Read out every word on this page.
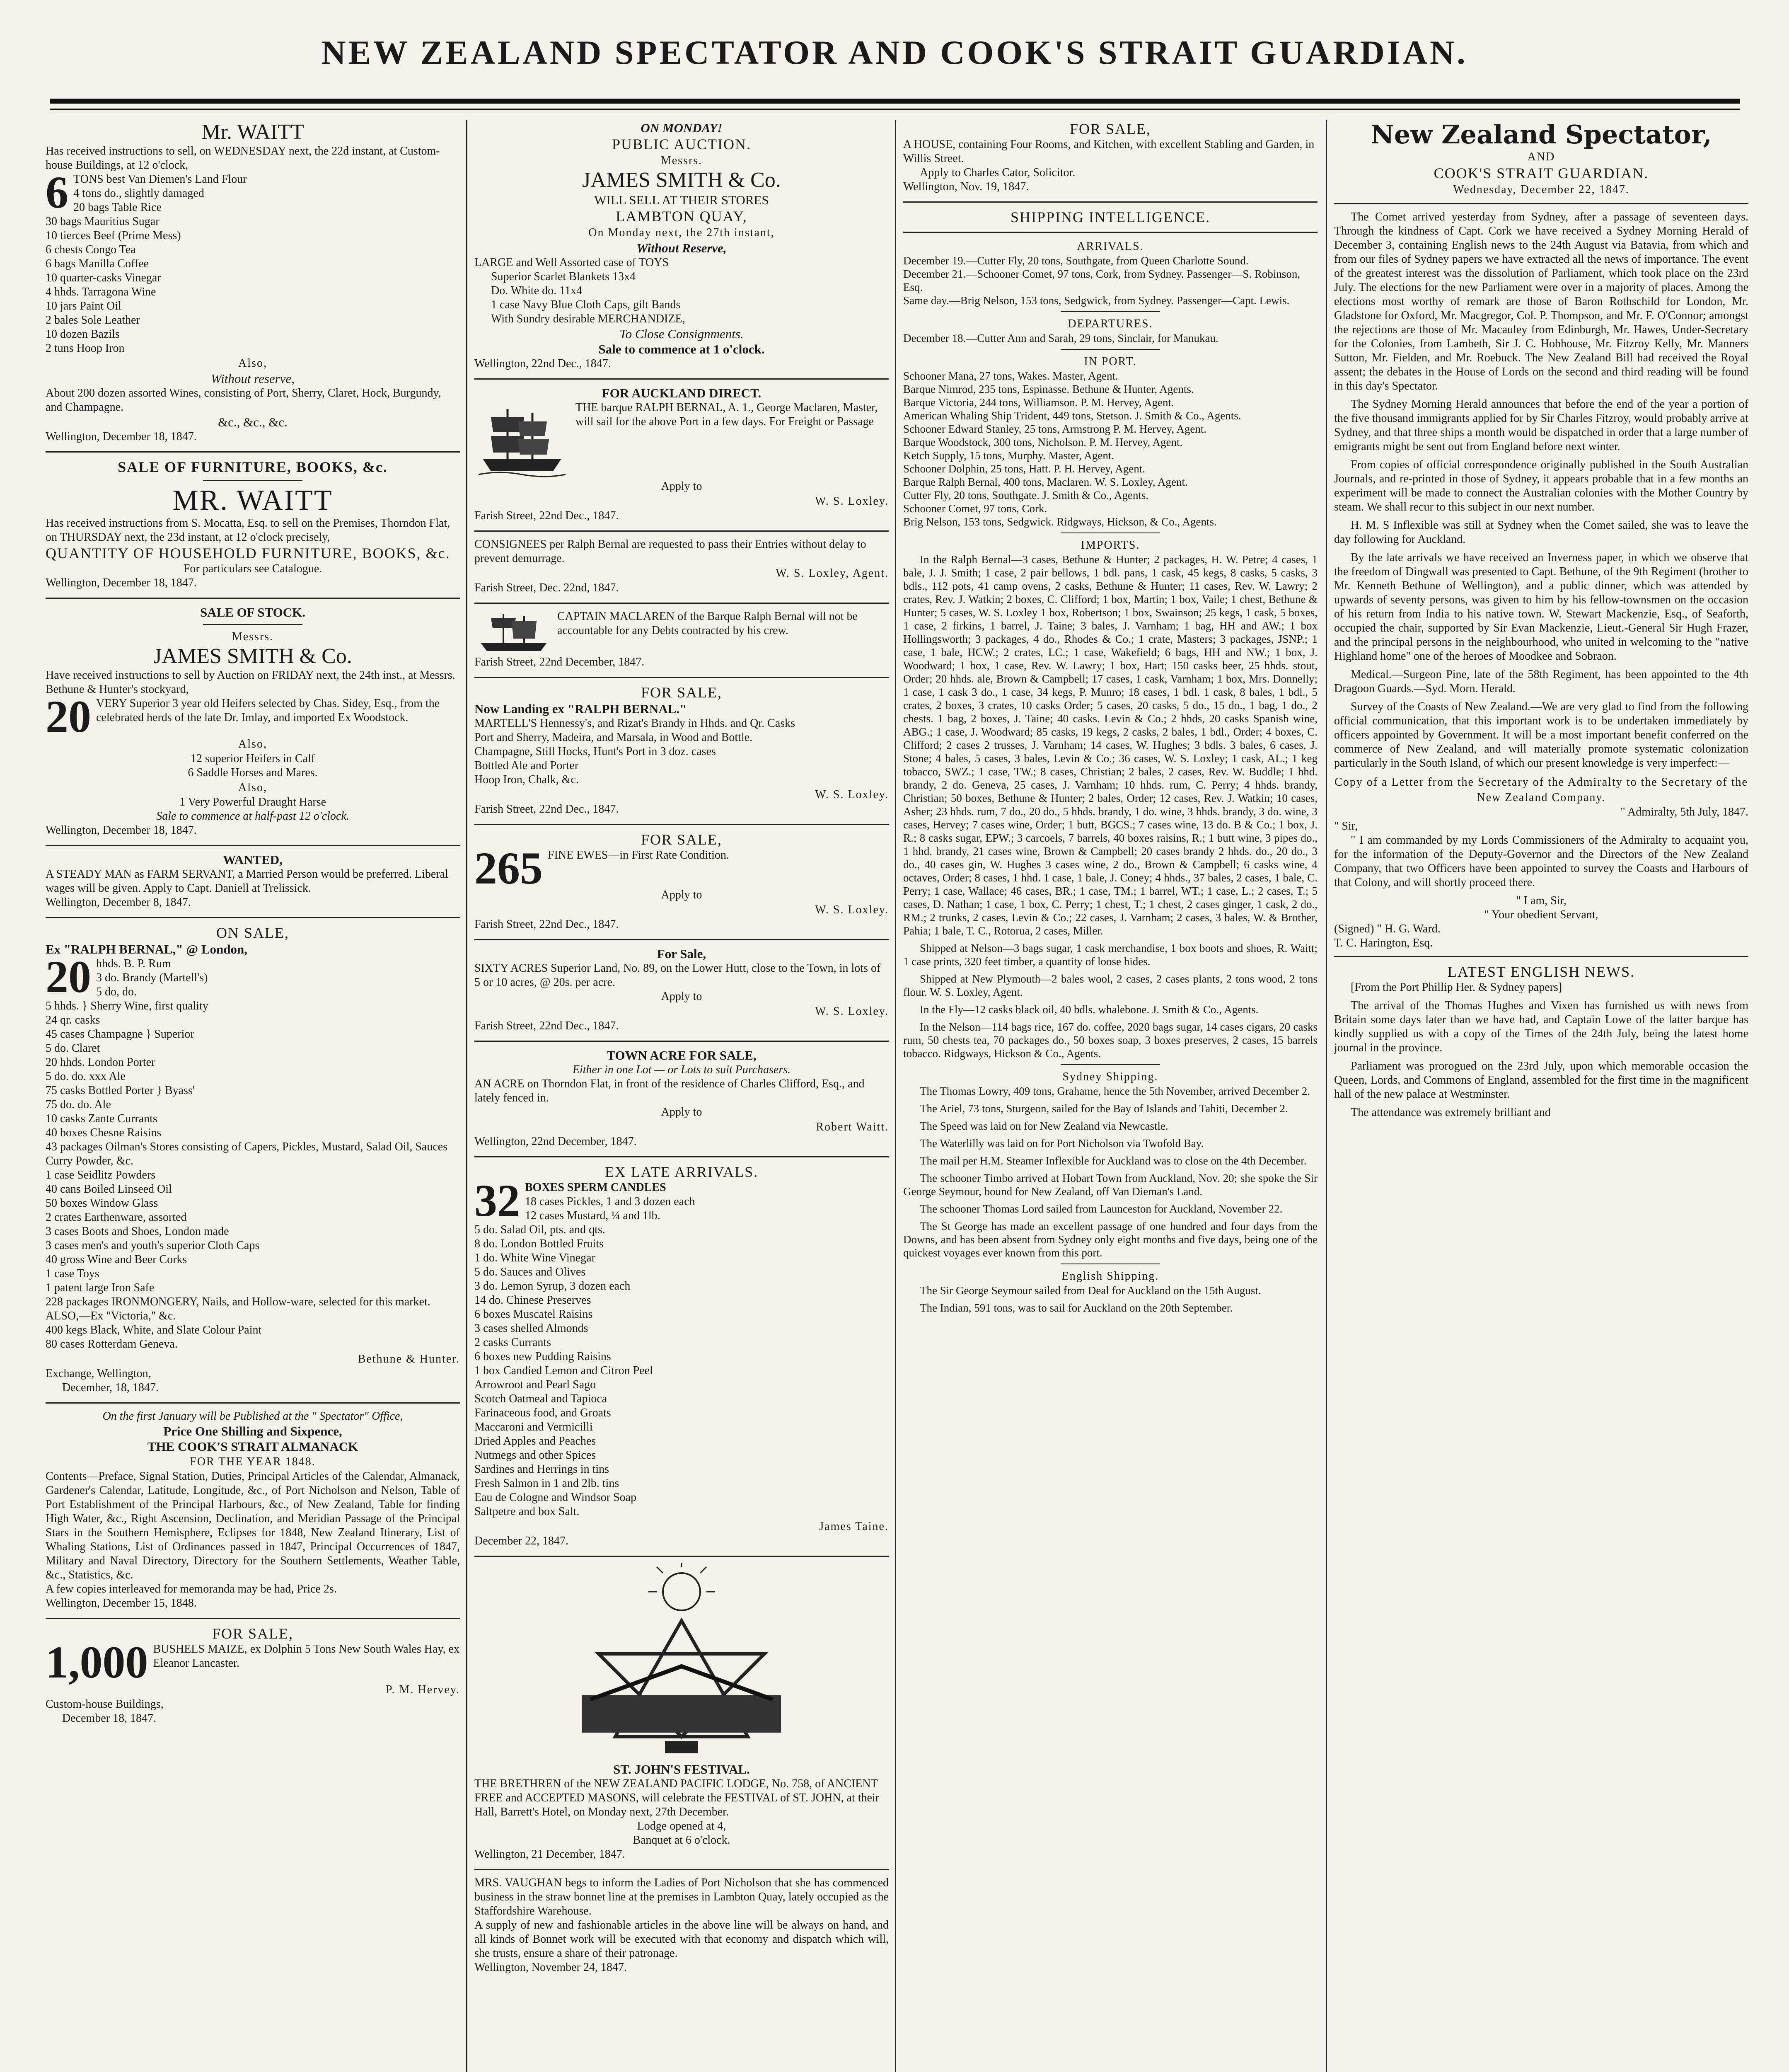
NEW ZEALAND SPECTATOR AND COOK'S STRAIT GUARDIAN.
Mr. WAITT
Has received instructions to sell, on WEDNESDAY next, the 22d instant, at Custom-house Buildings, at 12 o'clock,
6 TONS best Van Diemen's Land Flour
4 tons do., slightly damaged
20 bags Table Rice
30 bags Mauritius Sugar
10 tierces Beef (Prime Mess)
6 chests Congo Tea
6 bags Manilla Coffee
10 quarter-casks Vinegar
4 hhds. Tarragona Wine
10 jars Paint Oil
2 bales Sole Leather
10 dozen Bazils
2 tuns Hoop Iron
Also,
Without reserve,
About 200 dozen assorted Wines, consisting of Port, Sherry, Claret, Hock, Burgundy, and Champagne.
&c., &c., &c.
Wellington, December 18, 1847.
SALE OF FURNITURE, BOOKS, &c.
MR. WAITT
Has received instructions from S. Mocatta, Esq. to sell on the Premises, Thorndon Flat, on THURSDAY next, the 23d instant, at 12 o'clock precisely,
QUANTITY OF HOUSEHOLD FURNITURE, BOOKS, &c.
For particulars see Catalogue.
Wellington, December 18, 1847.
SALE OF STOCK.
Messrs.
JAMES SMITH & Co.
Have received instructions to sell by Auction on FRIDAY next, the 24th inst., at Messrs. Bethune & Hunter's stockyard,
20 VERY Superior 3 year old Heifers selected by Chas. Sidey, Esq., from the celebrated herds of the late Dr. Imlay, and imported Ex Woodstock.
Also,
12 superior Heifers in Calf
6 Saddle Horses and Mares.
Also,
1 Very Powerful Draught Harse
Sale to commence at half-past 12 o'clock.
Wellington, December 18, 1847.
WANTED,
A STEADY MAN as FARM SERVANT, a Married Person would be preferred. Liberal wages will be given. Apply to Capt. Daniell at Trelissick.
Wellington, December 8, 1847.
ON SALE,
Ex "RALPH BERNAL," @ London,
20 hhds. B. P. Rum
3 do. Brandy (Martell's)
5 do, do.
5 hhds. } Sherry Wine, first quality
24 qr. casks
45 cases Champagne } Superior
5 do. Claret
20 hhds. London Porter
5 do. do. xxx Ale
75 casks Bottled Porter } Byass'
75 do. do. Ale
10 casks Zante Currants
40 boxes Chesne Raisins
43 packages Oilman's Stores consisting of Capers, Pickles, Mustard, Salad Oil, Sauces Curry Powder, &c.
1 case Seidlitz Powders
40 cans Boiled Linseed Oil
50 boxes Window Glass
2 crates Earthenware, assorted
3 cases Boots and Shoes, London made
3 cases men's and youth's superior Cloth Caps
40 gross Wine and Beer Corks
1 case Toys
1 patent large Iron Safe
228 packages IRONMONGERY, Nails, and Hollow-ware, selected for this market.
ALSO,—Ex "Victoria," &c.
400 kegs Black, White, and Slate Colour Paint
80 cases Rotterdam Geneva.
Bethune & Hunter.
Exchange, Wellington,
December, 18, 1847.
On the first January will be Published at the " Spectator" Office,
Price One Shilling and Sixpence,
THE COOK'S STRAIT ALMANACK
FOR THE YEAR 1848.
Contents—Preface, Signal Station, Duties, Principal Articles of the Calendar, Almanack, Gardener's Calendar, Latitude, Longitude, &c., of Port Nicholson and Nelson, Table of Port Establishment of the Principal Harbours, &c., of New Zealand, Table for finding High Water, &c., Right Ascension, Declination, and Meridian Passage of the Principal Stars in the Southern Hemisphere, Eclipses for 1848, New Zealand Itinerary, List of Whaling Stations, List of Ordinances passed in 1847, Principal Occurrences of 1847, Military and Naval Directory, Directory for the Southern Settlements, Weather Table, &c., Statistics, &c.
A few copies interleaved for memoranda may be had, Price 2s.
Wellington, December 15, 1848.
FOR SALE,
1,000 BUSHELS MAIZE, ex Dolphin 5 Tons New South Wales Hay, ex Eleanor Lancaster.
P. M. Hervey.
Custom-house Buildings,
December 18, 1847.
ON MONDAY!
PUBLIC AUCTION.
Messrs.
JAMES SMITH & Co.
WILL SELL AT THEIR STORES
LAMBTON QUAY,
On Monday next, the 27th instant,
Without Reserve,
LARGE and Well Assorted case of TOYS
Superior Scarlet Blankets 13x4
Do. White do. 11x4
1 case Navy Blue Cloth Caps, gilt Bands
With Sundry desirable MERCHANDIZE,
To Close Consignments.
Sale to commence at 1 o'clock.
Wellington, 22nd Dec., 1847.
FOR AUCKLAND DIRECT.
THE barque RALPH BERNAL, A. 1., George Maclaren, Master, will sail for the above Port in a few days. For Freight or Passage
Apply to
W. S. Loxley.
Farish Street, 22nd Dec., 1847.
CONSIGNEES per Ralph Bernal are requested to pass their Entries without delay to prevent demurrage.
W. S. Loxley, Agent.
Farish Street, Dec. 22nd, 1847.
CAPTAIN MACLAREN of the Barque Ralph Bernal will not be accountable for any Debts contracted by his crew.
Farish Street, 22nd December, 1847.
FOR SALE,
Now Landing ex "RALPH BERNAL."
MARTELL'S Hennessy's, and Rizat's Brandy in Hhds. and Qr. Casks
Port and Sherry, Madeira, and Marsala, in Wood and Bottle.
Champagne, Still Hocks, Hunt's Port in 3 doz. cases
Bottled Ale and Porter
Hoop Iron, Chalk, &c.
W. S. Loxley.
Farish Street, 22nd Dec., 1847.
FOR SALE,
265 FINE EWES—in First Rate Condition.
Apply to
W. S. Loxley.
Farish Street, 22nd Dec., 1847.
For Sale,
SIXTY ACRES Superior Land, No. 89, on the Lower Hutt, close to the Town, in lots of 5 or 10 acres, @ 20s. per acre.
Apply to
W. S. Loxley.
Farish Street, 22nd Dec., 1847.
TOWN ACRE FOR SALE,
Either in one Lot — or Lots to suit Purchasers.
AN ACRE on Thorndon Flat, in front of the residence of Charles Clifford, Esq., and lately fenced in.
Apply to
Robert Waitt.
Wellington, 22nd December, 1847.
EX LATE ARRIVALS.
32 BOXES SPERM CANDLES
18 cases Pickles, 1 and 3 dozen each
12 cases Mustard, ¼ and 1lb.
5 do. Salad Oil, pts. and qts.
8 do. London Bottled Fruits
1 do. White Wine Vinegar
5 do. Sauces and Olives
3 do. Lemon Syrup, 3 dozen each
14 do. Chinese Preserves
6 boxes Muscatel Raisins
3 cases shelled Almonds
2 casks Currants
6 boxes new Pudding Raisins
1 box Candied Lemon and Citron Peel
Arrowroot and Pearl Sago
Scotch Oatmeal and Tapioca
Farinaceous food, and Groats
Maccaroni and Vermicilli
Dried Apples and Peaches
Nutmegs and other Spices
Sardines and Herrings in tins
Fresh Salmon in 1 and 2lb. tins
Eau de Cologne and Windsor Soap
Saltpetre and box Salt.
James Taine.
December 22, 1847.
ST. JOHN'S FESTIVAL.
THE BRETHREN of the NEW ZEALAND PACIFIC LODGE, No. 758, of ANCIENT FREE and ACCEPTED MASONS, will celebrate the FESTIVAL of ST. JOHN, at their Hall, Barrett's Hotel, on Monday next, 27th December.
Lodge opened at 4,
Banquet at 6 o'clock.
Wellington, 21 December, 1847.
MRS. VAUGHAN begs to inform the Ladies of Port Nicholson that she has commenced business in the straw bonnet line at the premises in Lambton Quay, lately occupied as the Staffordshire Warehouse.
A supply of new and fashionable articles in the above line will be always on hand, and all kinds of Bonnet work will be executed with that economy and dispatch which will, she trusts, ensure a share of their patronage.
Wellington, November 24, 1847.
FOR SALE,
A HOUSE, containing Four Rooms, and Kitchen, with excellent Stabling and Garden, in Willis Street.
Apply to Charles Cator, Solicitor.
Wellington, Nov. 19, 1847.
SHIPPING INTELLIGENCE.
ARRIVALS.
December 19.—Cutter Fly, 20 tons, Southgate, from Queen Charlotte Sound.
December 21.—Schooner Comet, 97 tons, Cork, from Sydney. Passenger—S. Robinson, Esq.
Same day.—Brig Nelson, 153 tons, Sedgwick, from Sydney. Passenger—Capt. Lewis.
DEPARTURES.
December 18.—Cutter Ann and Sarah, 29 tons, Sinclair, for Manukau.
IN PORT.
Schooner Mana, 27 tons, Wakes. Master, Agent.
Barque Nimrod, 235 tons, Espinasse. Bethune & Hunter, Agents.
Barque Victoria, 244 tons, Williamson. P. M. Hervey, Agent.
American Whaling Ship Trident, 449 tons, Stetson. J. Smith & Co., Agents.
Schooner Edward Stanley, 25 tons, Armstrong P. M. Hervey, Agent.
Barque Woodstock, 300 tons, Nicholson. P. M. Hervey, Agent.
Ketch Supply, 15 tons, Murphy. Master, Agent.
Schooner Dolphin, 25 tons, Hatt. P. H. Hervey, Agent.
Barque Ralph Bernal, 400 tons, Maclaren. W. S. Loxley, Agent.
Cutter Fly, 20 tons, Southgate. J. Smith & Co., Agents.
Schooner Comet, 97 tons, Cork.
Brig Nelson, 153 tons, Sedgwick. Ridgways, Hickson, & Co., Agents.
IMPORTS.

In the Ralph Bernal—3 cases, Bethune & Hunter; 2 packages, H. W. Petre; 4 cases, 1 bale, J. J. Smith; 1 case, 2 pair bellows, 1 bdl. pans, 1 cask, 45 kegs, 8 casks, 5 casks, 3 bdls., 112 pots, 41 camp ovens, 2 casks, Bethune & Hunter; 11 cases, Rev. W. Lawry; 2 crates, Rev. J. Watkin; 2 boxes, C. Clifford; 1 box, Martin; 1 box, Vaile; 1 chest, Bethune & Hunter; 5 cases, W. S. Loxley 1 box, Robertson; 1 box, Swainson; 25 kegs, 1 cask, 5 boxes, 1 case, 2 firkins, 1 barrel, J. Taine; 3 bales, J. Varnham; 1 bag, HH and AW.; 1 box Hollingsworth; 3 packages, 4 do., Rhodes & Co.; 1 crate, Masters; 3 packages, JSNP.; 1 case, 1 bale, HCW.; 2 crates, LC.; 1 case, Wakefield; 6 bags, HH and NW.; 1 box, J. Woodward; 1 box, 1 case, Rev. W. Lawry; 1 box, Hart; 150 casks beer, 25 hhds. stout, Order; 20 hhds. ale, Brown & Campbell; 17 cases, 1 cask, Varnham; 1 box, Mrs. Donnelly; 1 case, 1 cask 3 do., 1 case, 34 kegs, P. Munro; 18 cases, 1 bdl. 1 cask, 8 bales, 1 bdl., 5 crates, 2 boxes, 3 crates, 10 casks Order; 5 cases, 20 casks, 5 do., 15 do., 1 bag, 1 do., 2 chests. 1 bag, 2 boxes, J. Taine; 40 casks. Levin & Co.; 2 hhds, 20 casks Spanish wine, ABG.; 1 case, J. Woodward; 85 casks, 19 kegs, 2 casks, 2 bales, 1 bdl., Order; 4 boxes, C. Clifford; 2 cases 2 trusses, J. Varnham; 14 cases, W. Hughes; 3 bdls. 3 bales, 6 cases, J. Stone; 4 bales, 5 cases, 3 bales, Levin & Co.; 36 cases, W. S. Loxley; 1 cask, AL.; 1 keg tobacco, SWZ.; 1 case, TW.; 8 cases, Christian; 2 bales, 2 cases, Rev. W. Buddle; 1 hhd. brandy, 2 do. Geneva, 25 cases, J. Varnham; 10 hhds. rum, C. Perry; 4 hhds. brandy, Christian; 50 boxes, Bethune & Hunter; 2 bales, Order; 12 cases, Rev. J. Watkin; 10 cases, Asher; 23 hhds. rum, 7 do., 20 do., 5 hhds. brandy, 1 do. wine, 3 hhds. brandy, 3 do. wine, 3 cases, Hervey; 7 cases wine, Order; 1 butt, BGCS.; 7 cases wine, 13 do. B & Co.; 1 box, J. R.; 8 casks sugar, EPW.; 3 carcoels, 7 barrels, 40 boxes raisins, R.; 1 butt wine, 3 pipes do., 1 hhd. brandy, 21 cases wine, Brown & Campbell; 20 cases brandy 2 hhds. do., 20 do., 3 do., 40 cases gin, W. Hughes 3 cases wine, 2 do., Brown & Campbell; 6 casks wine, 4 octaves, Order; 8 cases, 1 hhd. 1 case, 1 bale, J. Coney; 4 hhds., 37 bales, 2 cases, 1 bale, C. Perry; 1 case, Wallace; 46 cases, BR.; 1 case, TM.; 1 barrel, WT.; 1 case, L.; 2 cases, T.; 5 cases, D. Nathan; 1 case, 1 box, C. Perry; 1 chest, T.; 1 chest, 2 cases ginger, 1 cask, 2 do., RM.; 2 trunks, 2 cases, Levin & Co.; 22 cases, J. Varnham; 2 cases, 3 bales, W. & Brother, Pahia; 1 bale, T. C., Rotorua, 2 cases, Miller.

Shipped at Nelson—3 bags sugar, 1 cask merchandise, 1 box boots and shoes, R. Waitt; 1 case prints, 320 feet timber, a quantity of loose hides.

Shipped at New Plymouth—2 bales wool, 2 cases, 2 cases plants, 2 tons wood, 2 tons flour. W. S. Loxley, Agent.

In the Fly—12 casks black oil, 40 bdls. whalebone. J. Smith & Co., Agents.

In the Nelson—114 bags rice, 167 do. coffee, 2020 bags sugar, 14 cases cigars, 20 casks rum, 50 chests tea, 70 packages do., 50 boxes soap, 3 boxes preserves, 2 cases, 15 barrels tobacco. Ridgways, Hickson & Co., Agents.

Sydney Shipping.

The Thomas Lowry, 409 tons, Grahame, hence the 5th November, arrived December 2.

The Ariel, 73 tons, Sturgeon, sailed for the Bay of Islands and Tahiti, December 2.

The Speed was laid on for New Zealand via Newcastle.

The Waterlilly was laid on for Port Nicholson via Twofold Bay.

The mail per H.M. Steamer Inflexible for Auckland was to close on the 4th December.

The schooner Timbo arrived at Hobart Town from Auckland, Nov. 20; she spoke the Sir George Seymour, bound for New Zealand, off Van Dieman's Land.

The schooner Thomas Lord sailed from Launceston for Auckland, November 22.

The St George has made an excellent passage of one hundred and four days from the Downs, and has been absent from Sydney only eight months and five days, being one of the quickest voyages ever known from this port.

English Shipping.

The Sir George Seymour sailed from Deal for Auckland on the 15th August.

The Indian, 591 tons, was to sail for Auckland on the 20th September.

New Zealand Spectator,
AND
COOK'S STRAIT GUARDIAN.
Wednesday, December 22, 1847.

The Comet arrived yesterday from Sydney, after a passage of seventeen days. Through the kindness of Capt. Cork we have received a Sydney Morning Herald of December 3, containing English news to the 24th August via Batavia, from which and from our files of Sydney papers we have extracted all the news of importance. The event of the greatest interest was the dissolution of Parliament, which took place on the 23rd July. The elections for the new Parliament were over in a majority of places. Among the elections most worthy of remark are those of Baron Rothschild for London, Mr. Gladstone for Oxford, Mr. Macgregor, Col. P. Thompson, and Mr. F. O'Connor; amongst the rejections are those of Mr. Macauley from Edinburgh, Mr. Hawes, Under-Secretary for the Colonies, from Lambeth, Sir J. C. Hobhouse, Mr. Fitzroy Kelly, Mr. Manners Sutton, Mr. Fielden, and Mr. Roebuck. The New Zealand Bill had received the Royal assent; the debates in the House of Lords on the second and third reading will be found in this day's Spectator.

The Sydney Morning Herald announces that before the end of the year a portion of the five thousand immigrants applied for by Sir Charles Fitzroy, would probably arrive at Sydney, and that three ships a month would be dispatched in order that a large number of emigrants might be sent out from England before next winter.

From copies of official correspondence originally published in the South Australian Journals, and re-printed in those of Sydney, it appears probable that in a few months an experiment will be made to connect the Australian colonies with the Mother Country by steam. We shall recur to this subject in our next number.

H. M. S Inflexible was still at Sydney when the Comet sailed, she was to leave the day following for Auckland.

By the late arrivals we have received an Inverness paper, in which we observe that the freedom of Dingwall was presented to Capt. Bethune, of the 9th Regiment (brother to Mr. Kenneth Bethune of Wellington), and a public dinner, which was attended by upwards of seventy persons, was given to him by his fellow-townsmen on the occasion of his return from India to his native town. W. Stewart Mackenzie, Esq., of Seaforth, occupied the chair, supported by Sir Evan Mackenzie, Lieut.-General Sir Hugh Frazer, and the principal persons in the neighbourhood, who united in welcoming to the "native Highland home" one of the heroes of Moodkee and Sobraon.

Medical.—Surgeon Pine, late of the 58th Regiment, has been appointed to the 4th Dragoon Guards.—Syd. Morn. Herald.

Survey of the Coasts of New Zealand.—We are very glad to find from the following official communication, that this important work is to be undertaken immediately by officers appointed by Government. It will be a most important benefit conferred on the commerce of New Zealand, and will materially promote systematic colonization particularly in the South Island, of which our present knowledge is very imperfect:—

Copy of a Letter from the Secretary of the Admiralty to the Secretary of the New Zealand Company.
" Admiralty, 5th July, 1847.
" Sir,

" I am commanded by my Lords Commissioners of the Admiralty to acquaint you, for the information of the Deputy-Governor and the Directors of the New Zealand Company, that two Officers have been appointed to survey the Coasts and Harbours of that Colony, and will shortly proceed there.

" I am, Sir,
" Your obedient Servant,
(Signed) " H. G. Ward.
T. C. Harington, Esq.
LATEST ENGLISH NEWS.

[From the Port Phillip Her. & Sydney papers]

The arrival of the Thomas Hughes and Vixen has furnished us with news from Britain some days later than we have had, and Captain Lowe of the latter barque has kindly supplied us with a copy of the Times of the 24th July, being the latest home journal in the province.

Parliament was prorogued on the 23rd July, upon which memorable occasion the Queen, Lords, and Commons of England, assembled for the first time in the magnificent hall of the new palace at Westminster.

The attendance was extremely brilliant and
